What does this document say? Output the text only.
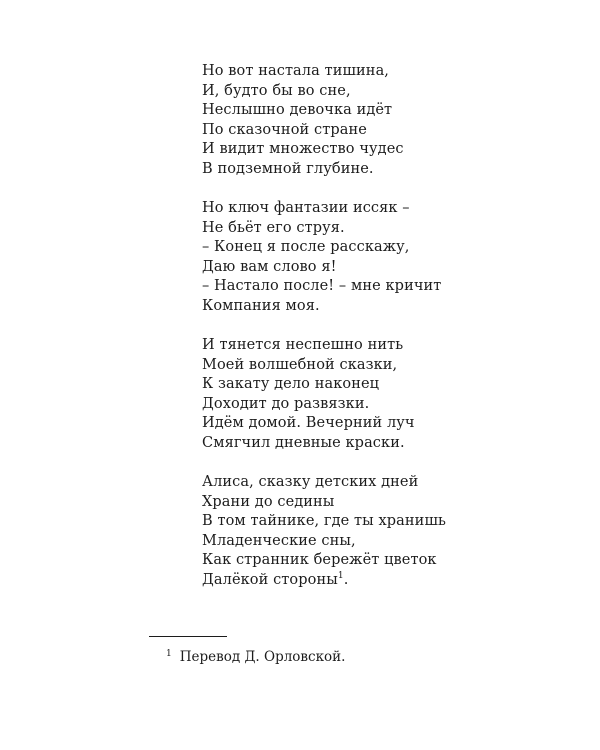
Но вот настала тишина,
И, будто бы во сне,
Неслышно девочка идёт
По сказочной стране
И видит множество чудес
В подземной глубине.
Но ключ фантазии иссяк –
Не бьёт его струя.
– Конец я после расскажу,
Даю вам слово я!
– Настало после! – мне кричит
Компания моя.
И тянется неспешно нить
Моей волшебной сказки,
К закату дело наконец
Доходит до развязки.
Идём домой. Вечерний луч
Смягчил дневные краски.
Алиса, сказку детских дней
Храни до седины
В том тайнике, где ты хранишь
Младенческие сны,
Как странник бережёт цветок
Далёкой стороны$^1$.
$^1$ Перевод Д. Орловской.
